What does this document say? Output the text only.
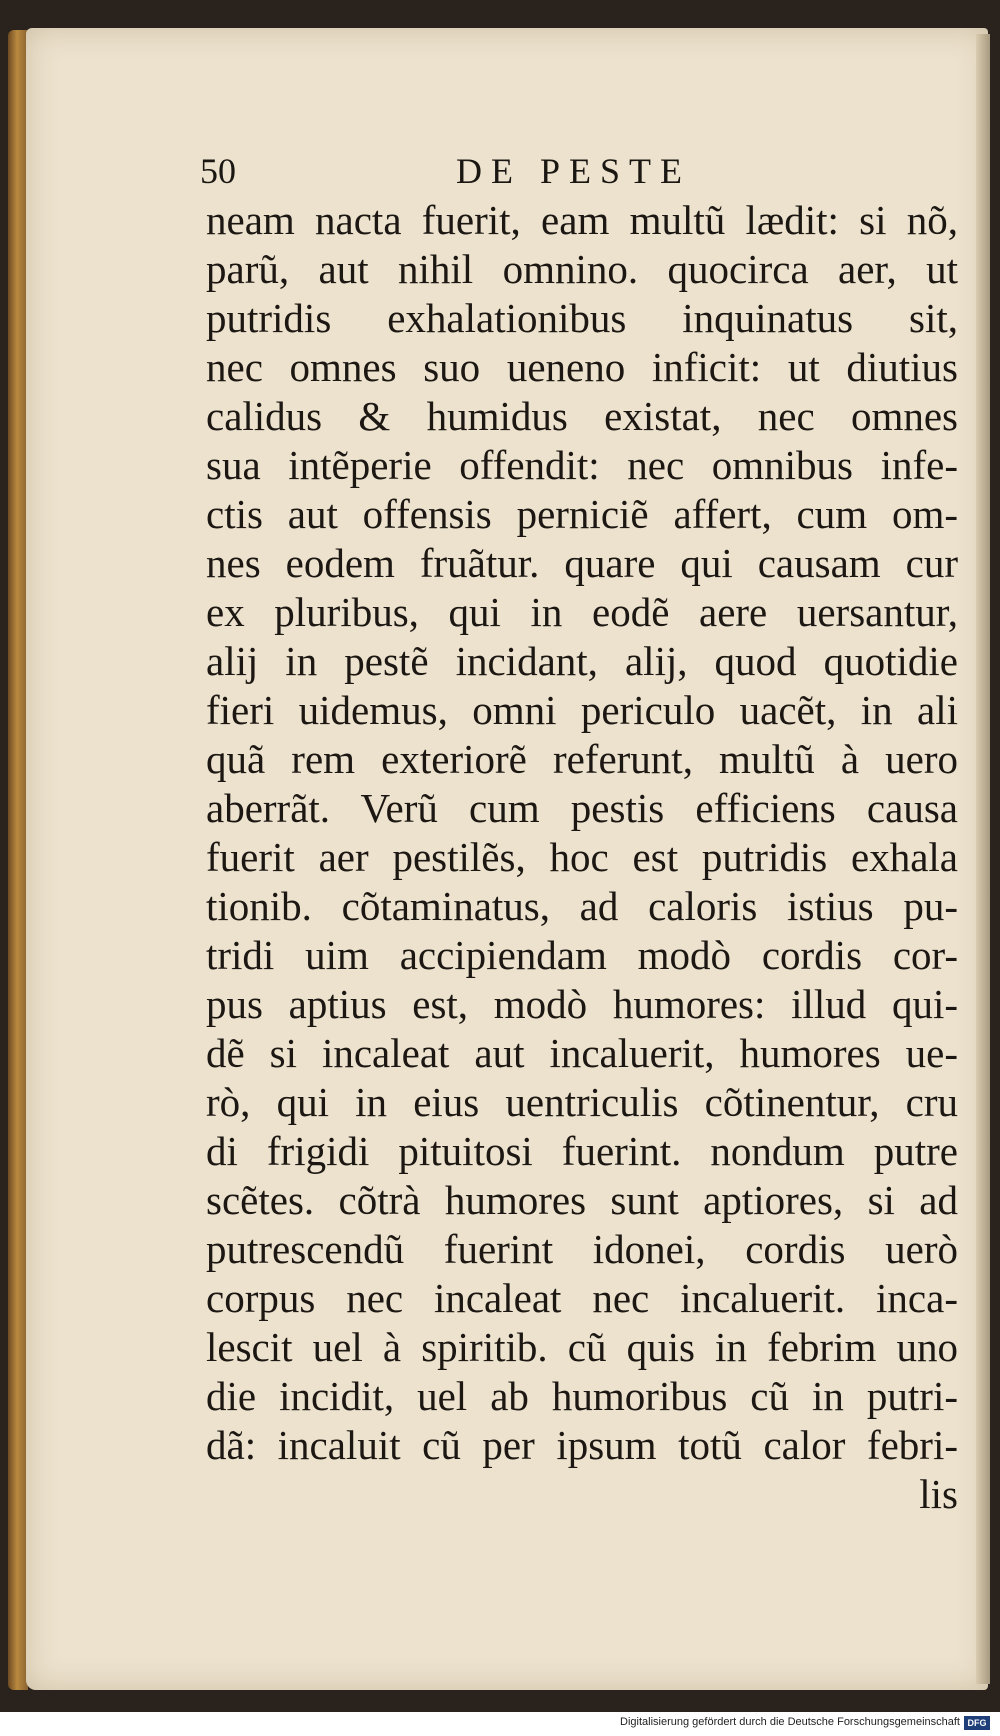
50	DE PESTE
neam nacta fuerit, eam multũ lædit: si nõ,
parũ, aut nihil omnino. quocirca aer, ut
putridis exhalationibus inquinatus sit,
nec omnes suo ueneno inficit: ut diutius
calidus & humidus existat, nec omnes
sua intẽperie offendit: nec omnibus infe-
ctis aut offensis perniciẽ affert, cum om-
nes eodem fruãtur. quare qui causam cur
ex pluribus, qui in eodẽ aere uersantur,
alĳ in pestẽ incidant, alĳ, quod quotidie
fieri uidemus, omni periculo uacẽt, in ali
quã rem exteriorẽ referunt, multũ à uero
aberrãt. Verũ cum pestis efficiens causa
fuerit aer pestilẽs, hoc est putridis exhala
tionib. cõtaminatus, ad caloris istius pu-
tridi uim accipiendam modò cordis cor-
pus aptius est, modò humores: illud qui-
dẽ si incaleat aut incaluerit, humores ue-
rò, qui in eius uentriculis cõtinentur, cru
di frigidi pituitosi fuerint. nondum putre
scẽtes. cõtrà humores sunt aptiores, si ad
putrescendũ fuerint idonei, cordis uerò
corpus nec incaleat nec incaluerit. inca-
lescit uel à spiritib. cũ quis in febrim uno
die incidit, uel ab humoribus cũ in putri-
dã: incaluit cũ per ipsum totũ calor febri-
lis
Digitalisierung gefördert durch die Deutsche Forschungsgemeinschaft DFG
